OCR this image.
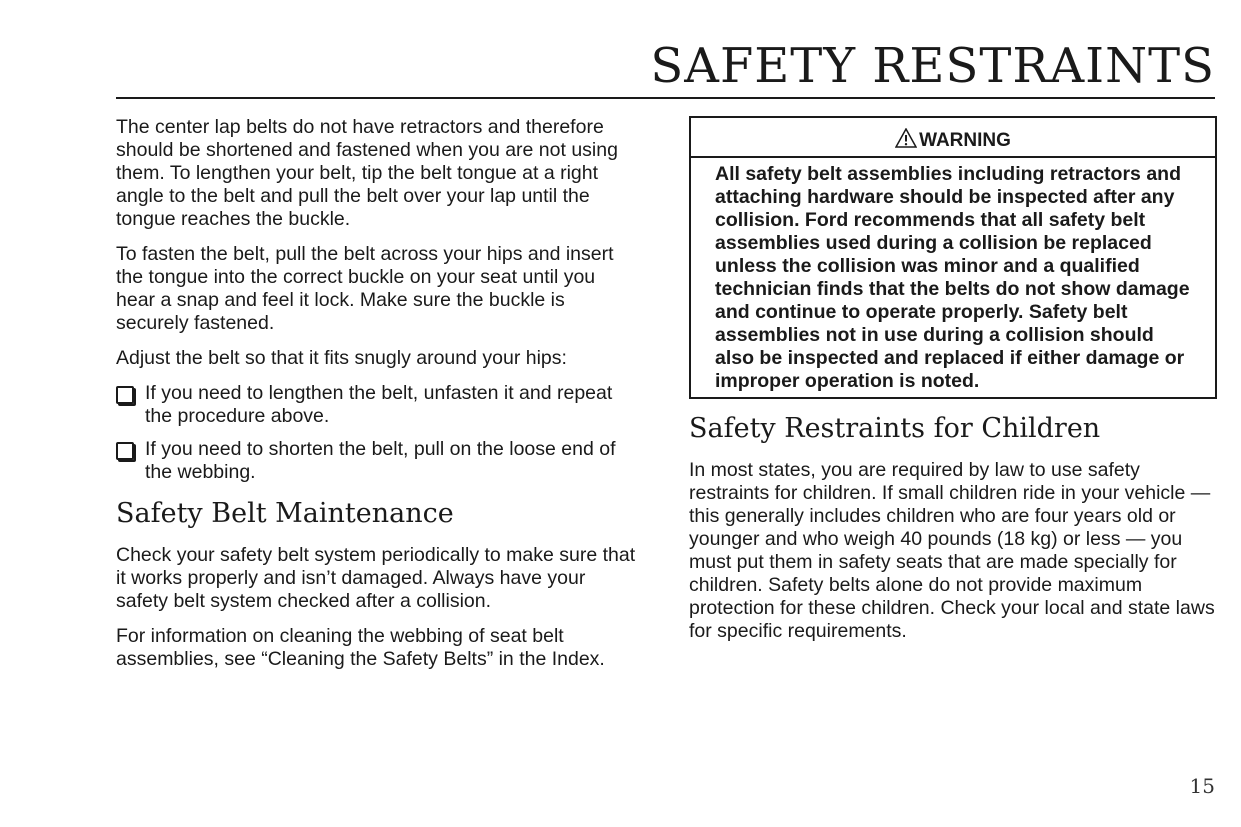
SAFETY RESTRAINTS

The center lap belts do not have retractors and therefore should be shortened and fastened when you are not using them. To lengthen your belt, tip the belt tongue at a right angle to the belt and pull the belt over your lap until the tongue reaches the buckle.

To fasten the belt, pull the belt across your hips and insert the tongue into the correct buckle on your seat until you hear a snap and feel it lock. Make sure the buckle is securely fastened.

Adjust the belt so that it fits snugly around your hips:

If you need to lengthen the belt, unfasten it and repeat the procedure above.
If you need to shorten the belt, pull on the loose end of the webbing.
Safety Belt Maintenance

Check your safety belt system periodically to make sure that it works properly and isn’t damaged. Always have your safety belt system checked after a collision.

For information on cleaning the webbing of seat belt assemblies, see “Cleaning the Safety Belts” in the Index.

WARNING
All safety belt assemblies including retractors and attaching hardware should be inspected after any collision. Ford recommends that all safety belt assemblies used during a collision be replaced unless the collision was minor and a qualified technician finds that the belts do not show damage and continue to operate properly. Safety belt assemblies not in use during a collision should also be inspected and replaced if either damage or improper operation is noted.
Safety Restraints for Children

In most states, you are required by law to use safety restraints for children. If small children ride in your vehicle — this generally includes children who are four years old or younger and who weigh 40 pounds (18 kg) or less — you must put them in safety seats that are made specially for children. Safety belts alone do not provide maximum protection for these children. Check your local and state laws for specific requirements.

15
